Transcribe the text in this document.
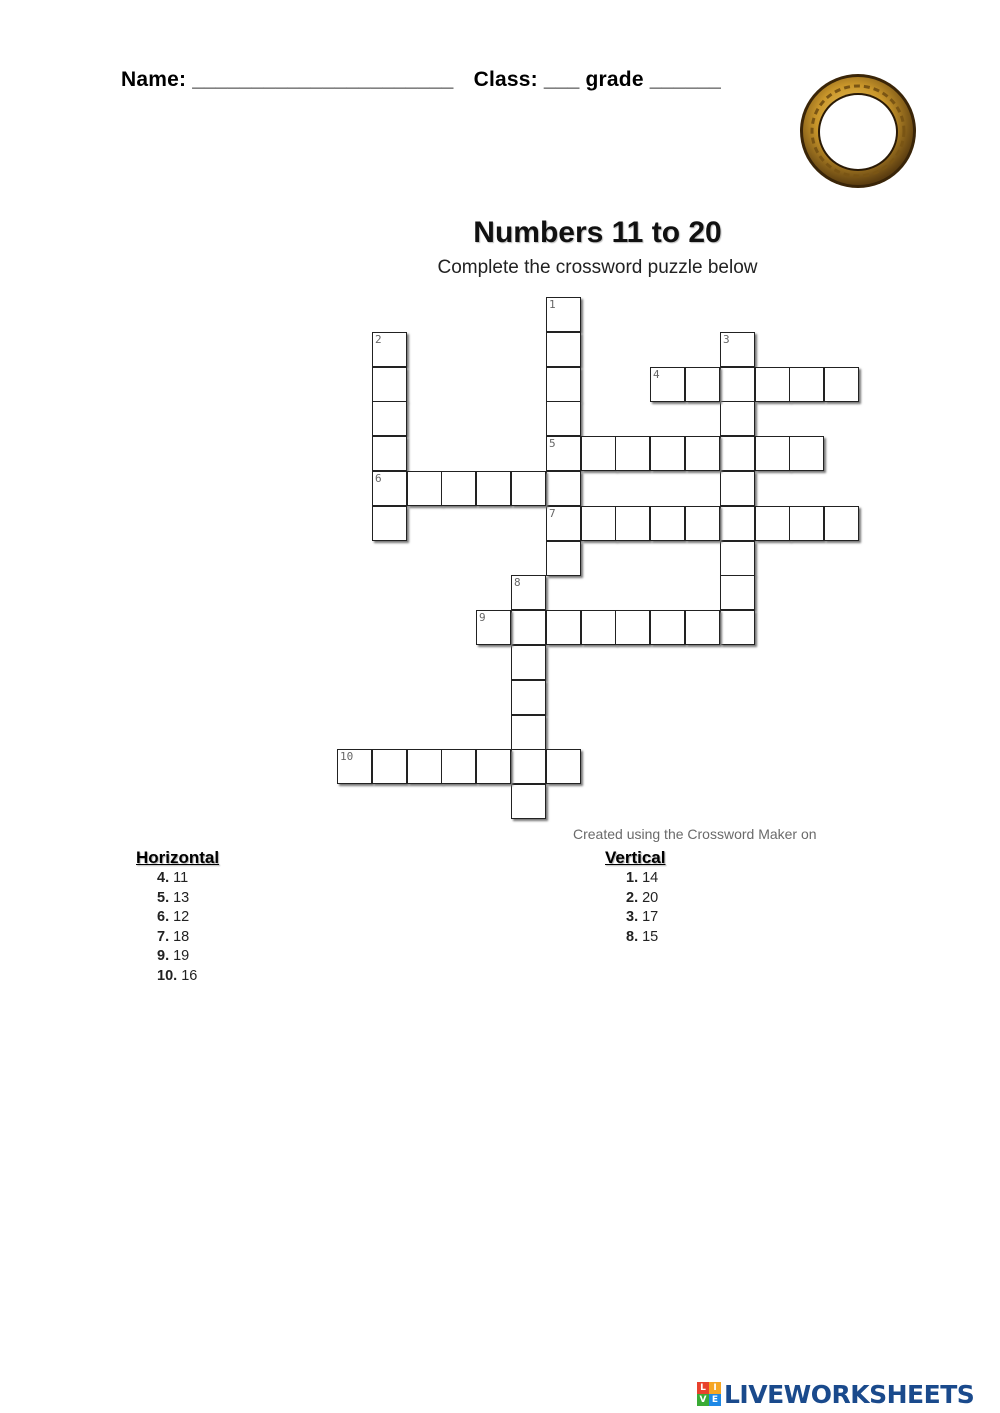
Name: ______________________ Class: ___ grade ______
Numbers 11 to 20
Complete the crossword puzzle below
1
5
7
2
6
3
4
8
9
10
Created using the Crossword Maker on
Horizontal
4. 11
5. 13
6. 12
7. 18
9. 19
10. 16
Vertical
1. 14
2. 20
3. 17
8. 15
L I
V E LIVEWORKSHEETS
